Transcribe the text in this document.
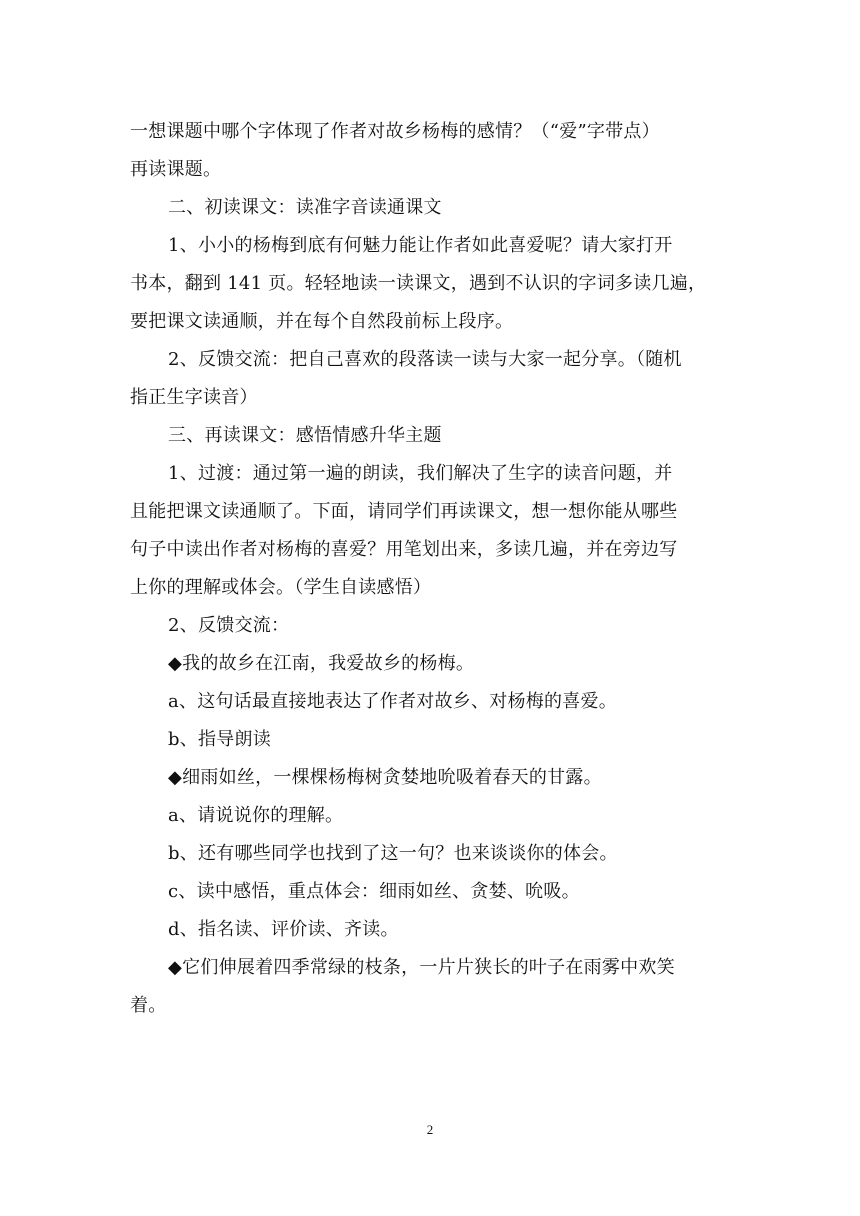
一想课题中哪个字体现了作者对故乡杨梅的感情？（“爱”字带点）
再读课题。
二、初读课文：读准字音读通课文
1、小小的杨梅到底有何魅力能让作者如此喜爱呢？请大家打开
书本，翻到 141 页。轻轻地读一读课文，遇到不认识的字词多读几遍，
要把课文读通顺，并在每个自然段前标上段序。
2、反馈交流：把自己喜欢的段落读一读与大家一起分享。（随机
指正生字读音）
三、再读课文：感悟情感升华主题
1、过渡：通过第一遍的朗读，我们解决了生字的读音问题，并
且能把课文读通顺了。下面，请同学们再读课文，想一想你能从哪些
句子中读出作者对杨梅的喜爱？用笔划出来，多读几遍，并在旁边写
上你的理解或体会。（学生自读感悟）
2、反馈交流：
◆我的故乡在江南，我爱故乡的杨梅。
a、这句话最直接地表达了作者对故乡、对杨梅的喜爱。
b、指导朗读
◆细雨如丝，一棵棵杨梅树贪婪地吮吸着春天的甘露。
a、请说说你的理解。
b、还有哪些同学也找到了这一句？也来谈谈你的体会。
c、读中感悟，重点体会：细雨如丝、贪婪、吮吸。
d、指名读、评价读、齐读。
◆它们伸展着四季常绿的枝条，一片片狭长的叶子在雨雾中欢笑
着。
2
